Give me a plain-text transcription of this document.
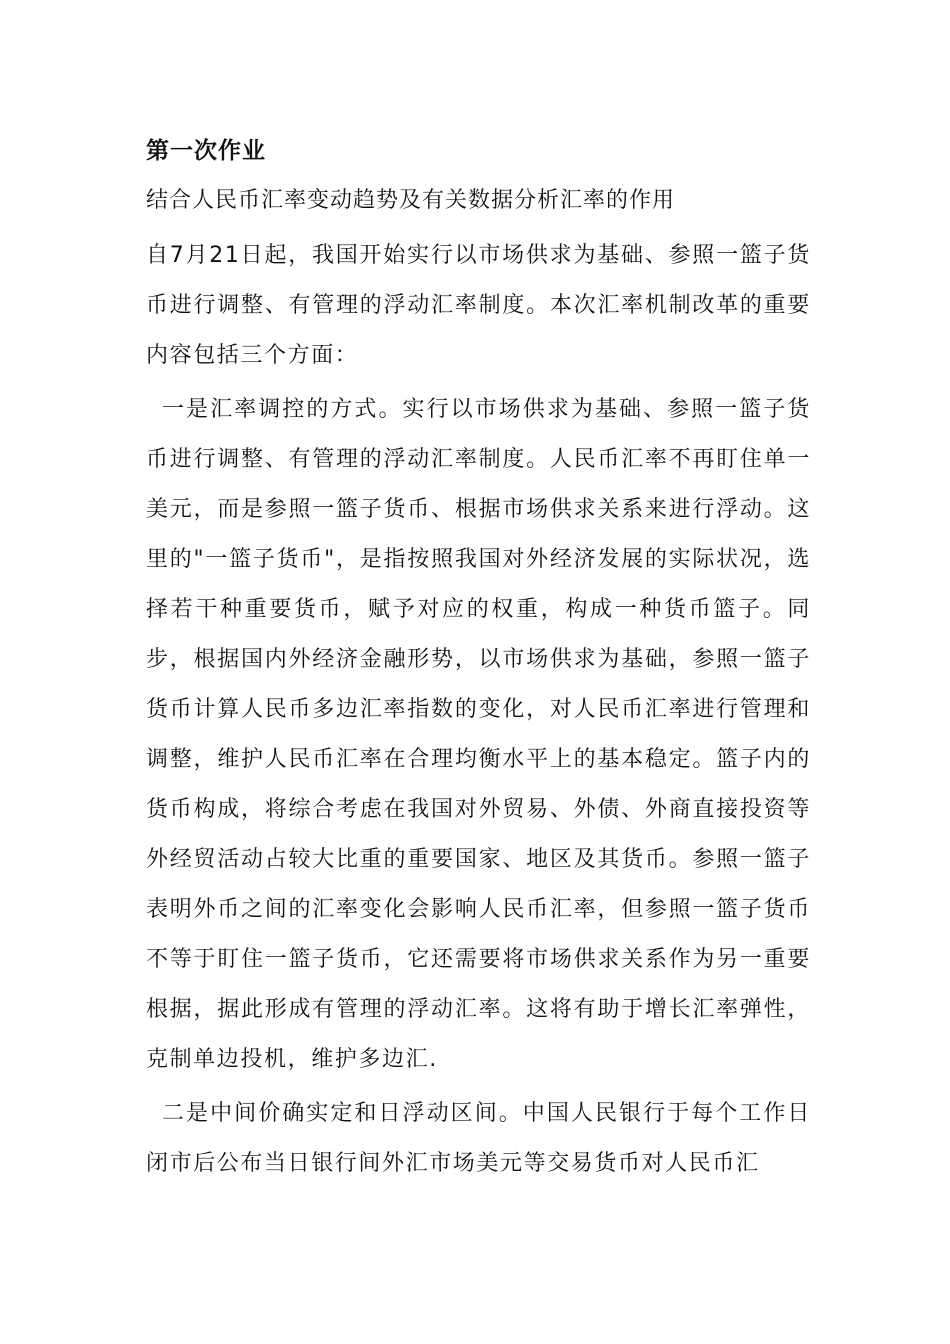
第一次作业
结合人民币汇率变动趋势及有关数据分析汇率的作用

自7月21日起，我国开始实行以市场供求为基础、参照一篮子货币进行调整、有管理的浮动汇率制度。本次汇率机制改革的重要内容包括三个方面：

一是汇率调控的方式。实行以市场供求为基础、参照一篮子货币进行调整、有管理的浮动汇率制度。人民币汇率不再盯住单一美元，而是参照一篮子货币、根据市场供求关系来进行浮动。这里的"一篮子货币"，是指按照我国对外经济发展的实际状况，选择若干种重要货币，赋予对应的权重，构成一种货币篮子。同步，根据国内外经济金融形势，以市场供求为基础，参照一篮子货币计算人民币多边汇率指数的变化，对人民币汇率进行管理和调整，维护人民币汇率在合理均衡水平上的基本稳定。篮子内的货币构成，将综合考虑在我国对外贸易、外债、外商直接投资等外经贸活动占较大比重的重要国家、地区及其货币。参照一篮子表明外币之间的汇率变化会影响人民币汇率，但参照一篮子货币不等于盯住一篮子货币，它还需要将市场供求关系作为另一重要根据，据此形成有管理的浮动汇率。这将有助于增长汇率弹性，克制单边投机，维护多边汇.

二是中间价确实定和日浮动区间。中国人民银行于每个工作日闭市后公布当日银行间外汇市场美元等交易货币对人民币汇
